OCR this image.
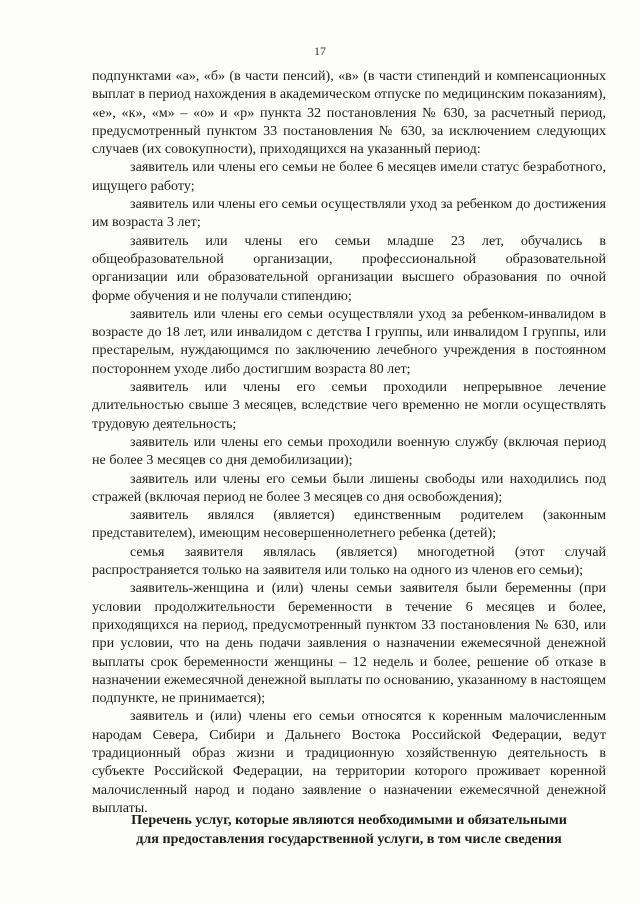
17

подпунктами «а», «б» (в части пенсий), «в» (в части стипендий и компенсационных выплат в период нахождения в академическом отпуске по медицинским показаниям), «е», «к», «м» – «о» и «р» пункта 32 постановления № 630, за расчетный период, предусмотренный пунктом 33 постановления № 630, за исключением следующих случаев (их совокупности), приходящихся на указанный период:

заявитель или члены его семьи не более 6 месяцев имели статус безработного, ищущего работу;

заявитель или члены его семьи осуществляли уход за ребенком до достижения им возраста 3 лет;

заявитель или члены его семьи младше 23 лет, обучались в общеобразовательной организации, профессиональной образовательной организации или образовательной организации высшего образования по очной форме обучения и не получали стипендию;

заявитель или члены его семьи осуществляли уход за ребенком-инвалидом в возрасте до 18 лет, или инвалидом с детства I группы, или инвалидом I группы, или престарелым, нуждающимся по заключению лечебного учреждения в постоянном постороннем уходе либо достигшим возраста 80 лет;

заявитель или члены его семьи проходили непрерывное лечение длительностью свыше 3 месяцев, вследствие чего временно не могли осуществлять трудовую деятельность;

заявитель или члены его семьи проходили военную службу (включая период не более 3 месяцев со дня демобилизации);

заявитель или члены его семьи были лишены свободы или находились под стражей (включая период не более 3 месяцев со дня освобождения);

заявитель являлся (является) единственным родителем (законным представителем), имеющим несовершеннолетнего ребенка (детей);

семья заявителя являлась (является) многодетной (этот случай распространяется только на заявителя или только на одного из членов его семьи);

заявитель-женщина и (или) члены семьи заявителя были беременны (при условии продолжительности беременности в течение 6 месяцев и более, приходящихся на период, предусмотренный пунктом 33 постановления № 630, или при условии, что на день подачи заявления о назначении ежемесячной денежной выплаты срок беременности женщины – 12 недель и более, решение об отказе в назначении ежемесячной денежной выплаты по основанию, указанному в настоящем подпункте, не принимается);

заявитель и (или) члены его семьи относятся к коренным малочисленным народам Севера, Сибири и Дальнего Востока Российской Федерации, ведут традиционный образ жизни и традиционную хозяйственную деятельность в субъекте Российской Федерации, на территории которого проживает коренной малочисленный народ и подано заявление о назначении ежемесячной денежной выплаты.

Перечень услуг, которые являются необходимыми и обязательными
для предоставления государственной услуги, в том числе сведения
